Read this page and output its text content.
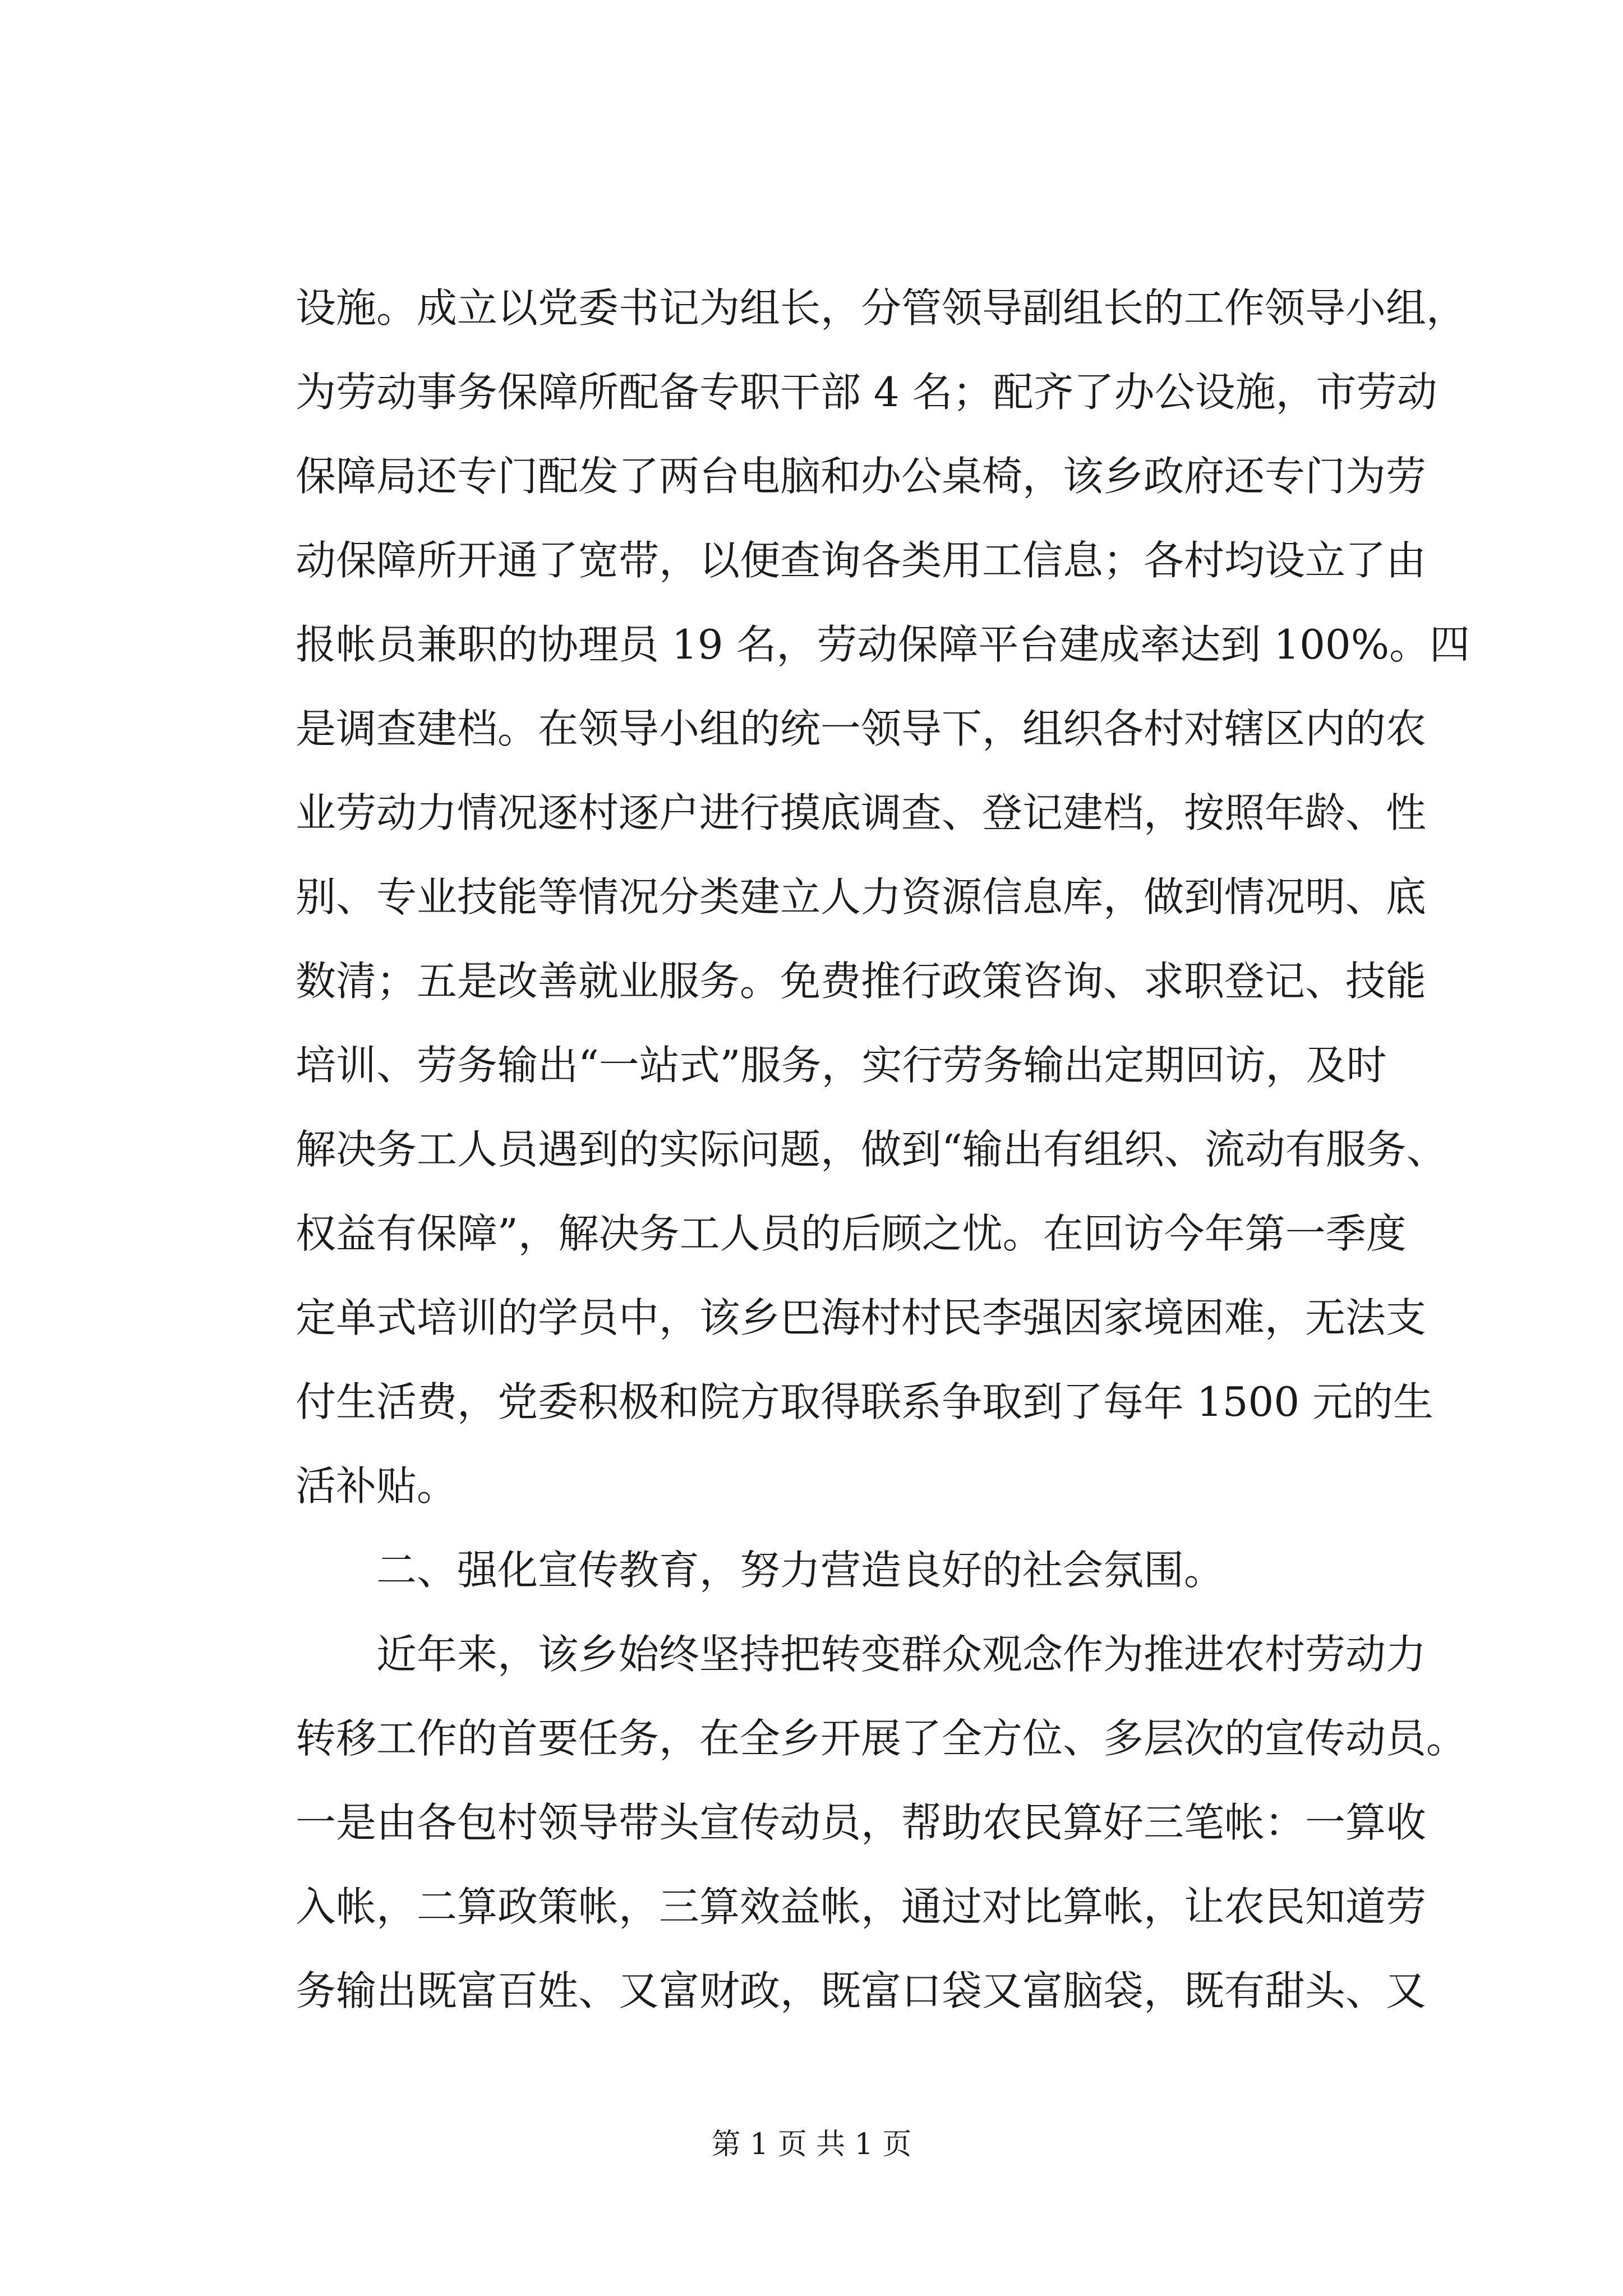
设施。成立以党委书记为组长，分管领导副组长的工作领导小组，
为劳动事务保障所配备专职干部 4 名；配齐了办公设施，市劳动
保障局还专门配发了两台电脑和办公桌椅，该乡政府还专门为劳
动保障所开通了宽带，以便查询各类用工信息；各村均设立了由
报帐员兼职的协理员 19 名，劳动保障平台建成率达到 100%。四
是调查建档。在领导小组的统一领导下，组织各村对辖区内的农
业劳动力情况逐村逐户进行摸底调查、登记建档，按照年龄、性
别、专业技能等情况分类建立人力资源信息库，做到情况明、底
数清；五是改善就业服务。免费推行政策咨询、求职登记、技能
培训、劳务输出“一站式”服务，实行劳务输出定期回访，及时
解决务工人员遇到的实际问题，做到“输出有组织、流动有服务、
权益有保障”，解决务工人员的后顾之忧。在回访今年第一季度
定单式培训的学员中，该乡巴海村村民李强因家境困难，无法支
付生活费，党委积极和院方取得联系争取到了每年 1500 元的生
活补贴。
二、强化宣传教育，努力营造良好的社会氛围。
近年来，该乡始终坚持把转变群众观念作为推进农村劳动力
转移工作的首要任务，在全乡开展了全方位、多层次的宣传动员。
一是由各包村领导带头宣传动员，帮助农民算好三笔帐：一算收
入帐，二算政策帐，三算效益帐，通过对比算帐，让农民知道劳
务输出既富百姓、又富财政，既富口袋又富脑袋，既有甜头、又
第 1 页 共 1 页
